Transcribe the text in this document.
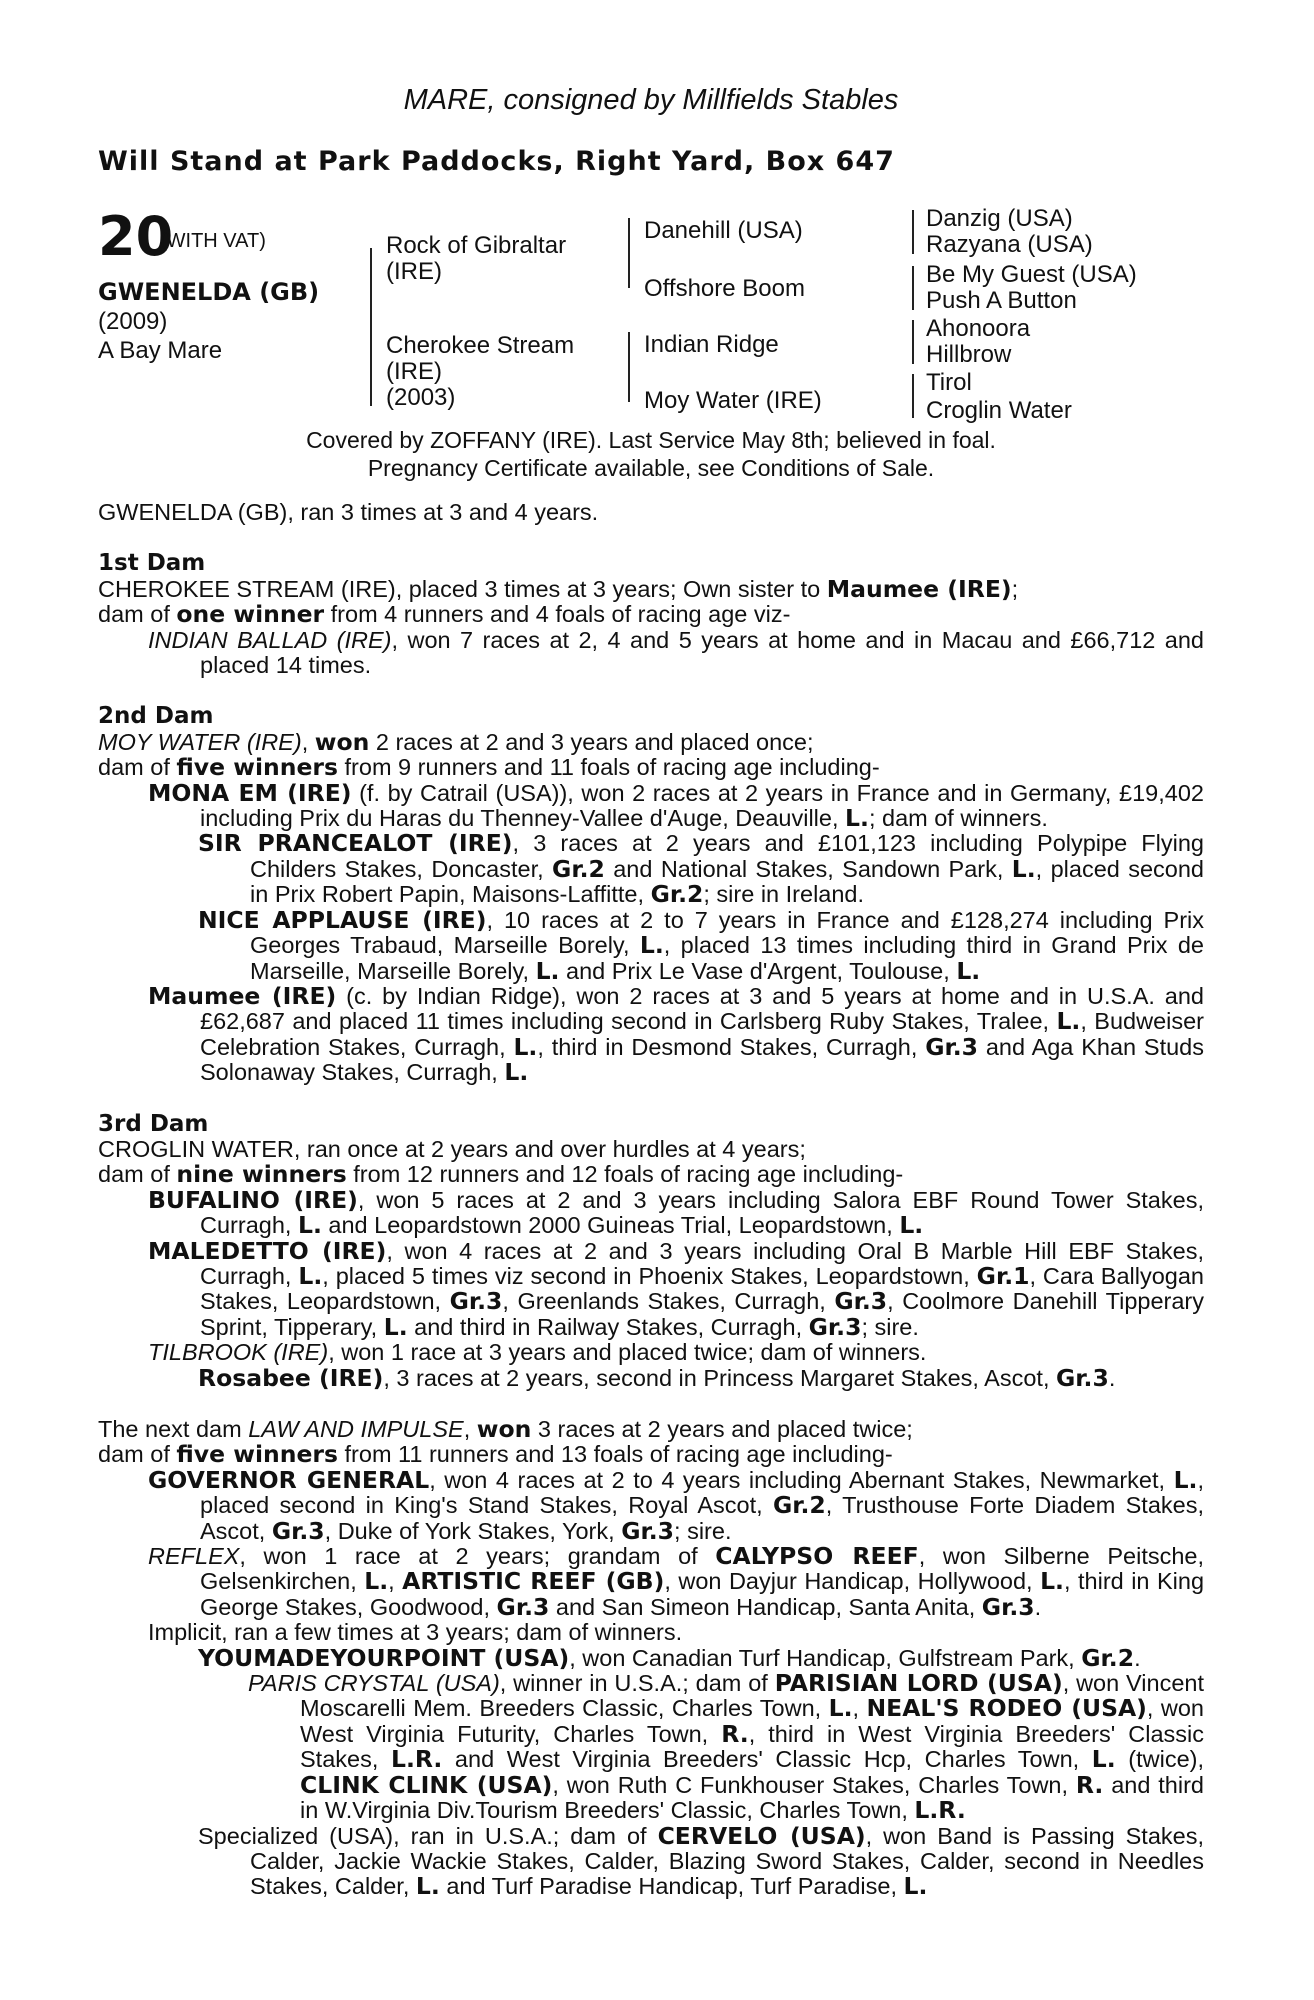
MARE, consigned by Millfields Stables
Will Stand at Park Paddocks, Right Yard, Box 647
20
(WITH VAT)
GWENELDA (GB)
(2009)
A Bay Mare
Rock of Gibraltar
(IRE)
Cherokee Stream
(IRE)
(2003)
Danehill (USA)
Offshore Boom
Indian Ridge
Moy Water (IRE)
Danzig (USA)
Razyana (USA)
Be My Guest (USA)
Push A Button
Ahonoora
Hillbrow
Tirol
Croglin Water
Covered by ZOFFANY (IRE). Last Service May 8th; believed in foal.
Pregnancy Certificate available, see Conditions of Sale.

GWENELDA (GB), ran 3 times at 3 and 4 years.

1st Dam

CHEROKEE STREAM (IRE), placed 3 times at 3 years; Own sister to Maumee (IRE);

dam of one winner from 4 runners and 4 foals of racing age viz-

INDIAN BALLAD (IRE), won 7 races at 2, 4 and 5 years at home and in Macau and £66,712 and placed 14 times.

2nd Dam

MOY WATER (IRE), won 2 races at 2 and 3 years and placed once;

dam of five winners from 9 runners and 11 foals of racing age including-

MONA EM (IRE) (f. by Catrail (USA)), won 2 races at 2 years in France and in Germany, £19,402 including Prix du Haras du Thenney-Vallee d'Auge, Deauville, L.; dam of winners.

SIR PRANCEALOT (IRE), 3 races at 2 years and £101,123 including Polypipe Flying Childers Stakes, Doncaster, Gr.2 and National Stakes, Sandown Park, L., placed second in Prix Robert Papin, Maisons-Laffitte, Gr.2; sire in Ireland.

NICE APPLAUSE (IRE), 10 races at 2 to 7 years in France and £128,274 including Prix Georges Trabaud, Marseille Borely, L., placed 13 times including third in Grand Prix de Marseille, Marseille Borely, L. and Prix Le Vase d'Argent, Toulouse, L.

Maumee (IRE) (c. by Indian Ridge), won 2 races at 3 and 5 years at home and in U.S.A. and £62,687 and placed 11 times including second in Carlsberg Ruby Stakes, Tralee, L., Budweiser Celebration Stakes, Curragh, L., third in Desmond Stakes, Curragh, Gr.3 and Aga Khan Studs Solonaway Stakes, Curragh, L.

3rd Dam

CROGLIN WATER, ran once at 2 years and over hurdles at 4 years;

dam of nine winners from 12 runners and 12 foals of racing age including-

BUFALINO (IRE), won 5 races at 2 and 3 years including Salora EBF Round Tower Stakes, Curragh, L. and Leopardstown 2000 Guineas Trial, Leopardstown, L.

MALEDETTO (IRE), won 4 races at 2 and 3 years including Oral B Marble Hill EBF Stakes, Curragh, L., placed 5 times viz second in Phoenix Stakes, Leopardstown, Gr.1, Cara Ballyogan Stakes, Leopardstown, Gr.3, Greenlands Stakes, Curragh, Gr.3, Coolmore Danehill Tipperary Sprint, Tipperary, L. and third in Railway Stakes, Curragh, Gr.3; sire.

TILBROOK (IRE), won 1 race at 3 years and placed twice; dam of winners.

Rosabee (IRE), 3 races at 2 years, second in Princess Margaret Stakes, Ascot, Gr.3.

The next dam LAW AND IMPULSE, won 3 races at 2 years and placed twice;

dam of five winners from 11 runners and 13 foals of racing age including-

GOVERNOR GENERAL, won 4 races at 2 to 4 years including Abernant Stakes, Newmarket, L., placed second in King's Stand Stakes, Royal Ascot, Gr.2, Trusthouse Forte Diadem Stakes, Ascot, Gr.3, Duke of York Stakes, York, Gr.3; sire.

REFLEX, won 1 race at 2 years; grandam of CALYPSO REEF, won Silberne Peitsche, Gelsenkirchen, L., ARTISTIC REEF (GB), won Dayjur Handicap, Hollywood, L., third in King George Stakes, Goodwood, Gr.3 and San Simeon Handicap, Santa Anita, Gr.3.

Implicit, ran a few times at 3 years; dam of winners.

YOUMADEYOURPOINT (USA), won Canadian Turf Handicap, Gulfstream Park, Gr.2.

PARIS CRYSTAL (USA), winner in U.S.A.; dam of PARISIAN LORD (USA), won Vincent Moscarelli Mem. Breeders Classic, Charles Town, L., NEAL'S RODEO (USA), won West Virginia Futurity, Charles Town, R., third in West Virginia Breeders' Classic Stakes, L.R. and West Virginia Breeders' Classic Hcp, Charles Town, L. (twice), CLINK CLINK (USA), won Ruth C Funkhouser Stakes, Charles Town, R. and third in W.Virginia Div.Tourism Breeders' Classic, Charles Town, L.R.

Specialized (USA), ran in U.S.A.; dam of CERVELO (USA), won Band is Passing Stakes, Calder, Jackie Wackie Stakes, Calder, Blazing Sword Stakes, Calder, second in Needles Stakes, Calder, L. and Turf Paradise Handicap, Turf Paradise, L.
